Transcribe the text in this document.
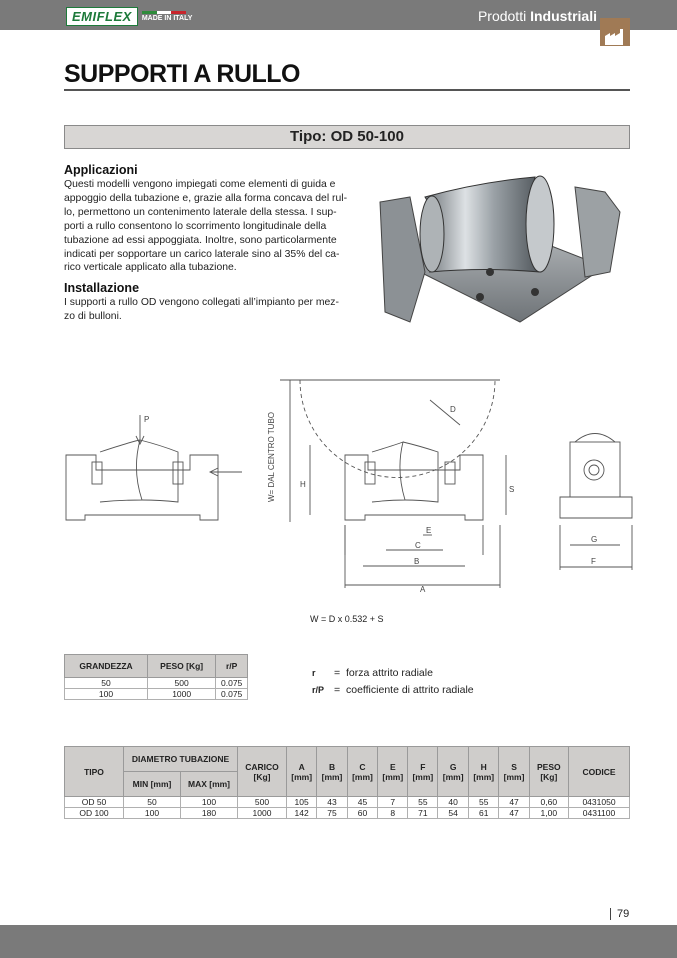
EMIFLEX	MADE IN ITALY	Prodotti Industriali
SUPPORTI A RULLO
Tipo: OD 50-100
Applicazioni
Questi modelli vengono impiegati come elementi di guida e
appoggio della tubazione e, grazie alla forma concava del rul-
lo, permettono un contenimento laterale della stessa. I sup-
porti a rullo consentono lo scorrimento longitudinale della
tubazione ad essi appoggiata. Inoltre, sono particolarmente
indicati per sopportare un carico laterale sino al 35% del ca-
rico verticale applicato alla tubazione.
Installazione
I supporti a rullo OD vengono collegati all’impianto per mez-
zo di bulloni.
P	W= DAL CENTRO TUBO
D
H
S
E
C
B
A
G
F
W = D x 0.532 + S
GRANDEZZA	PESO [Kg]	r/P
50	500	0.075
100	1000	0.075
r = forza attrito radiale
r/P = coefficiente di attrito radiale
TIPO	DIAMETRO TUBAZIONE		CARICO [Kg]	A [mm]	B [mm]	C [mm]	E [mm]	F [mm]	G [mm]	H [mm]	S [mm]	PESO [Kg]	CODICE
	MIN [mm]	MAX [mm]											
OD 50	50	100	500	105	43	45	7	55	40	55	47	0,60	0431050
OD 100	100	180	1000	142	75	60	8	71	54	61	47	1,00	0431100
79
